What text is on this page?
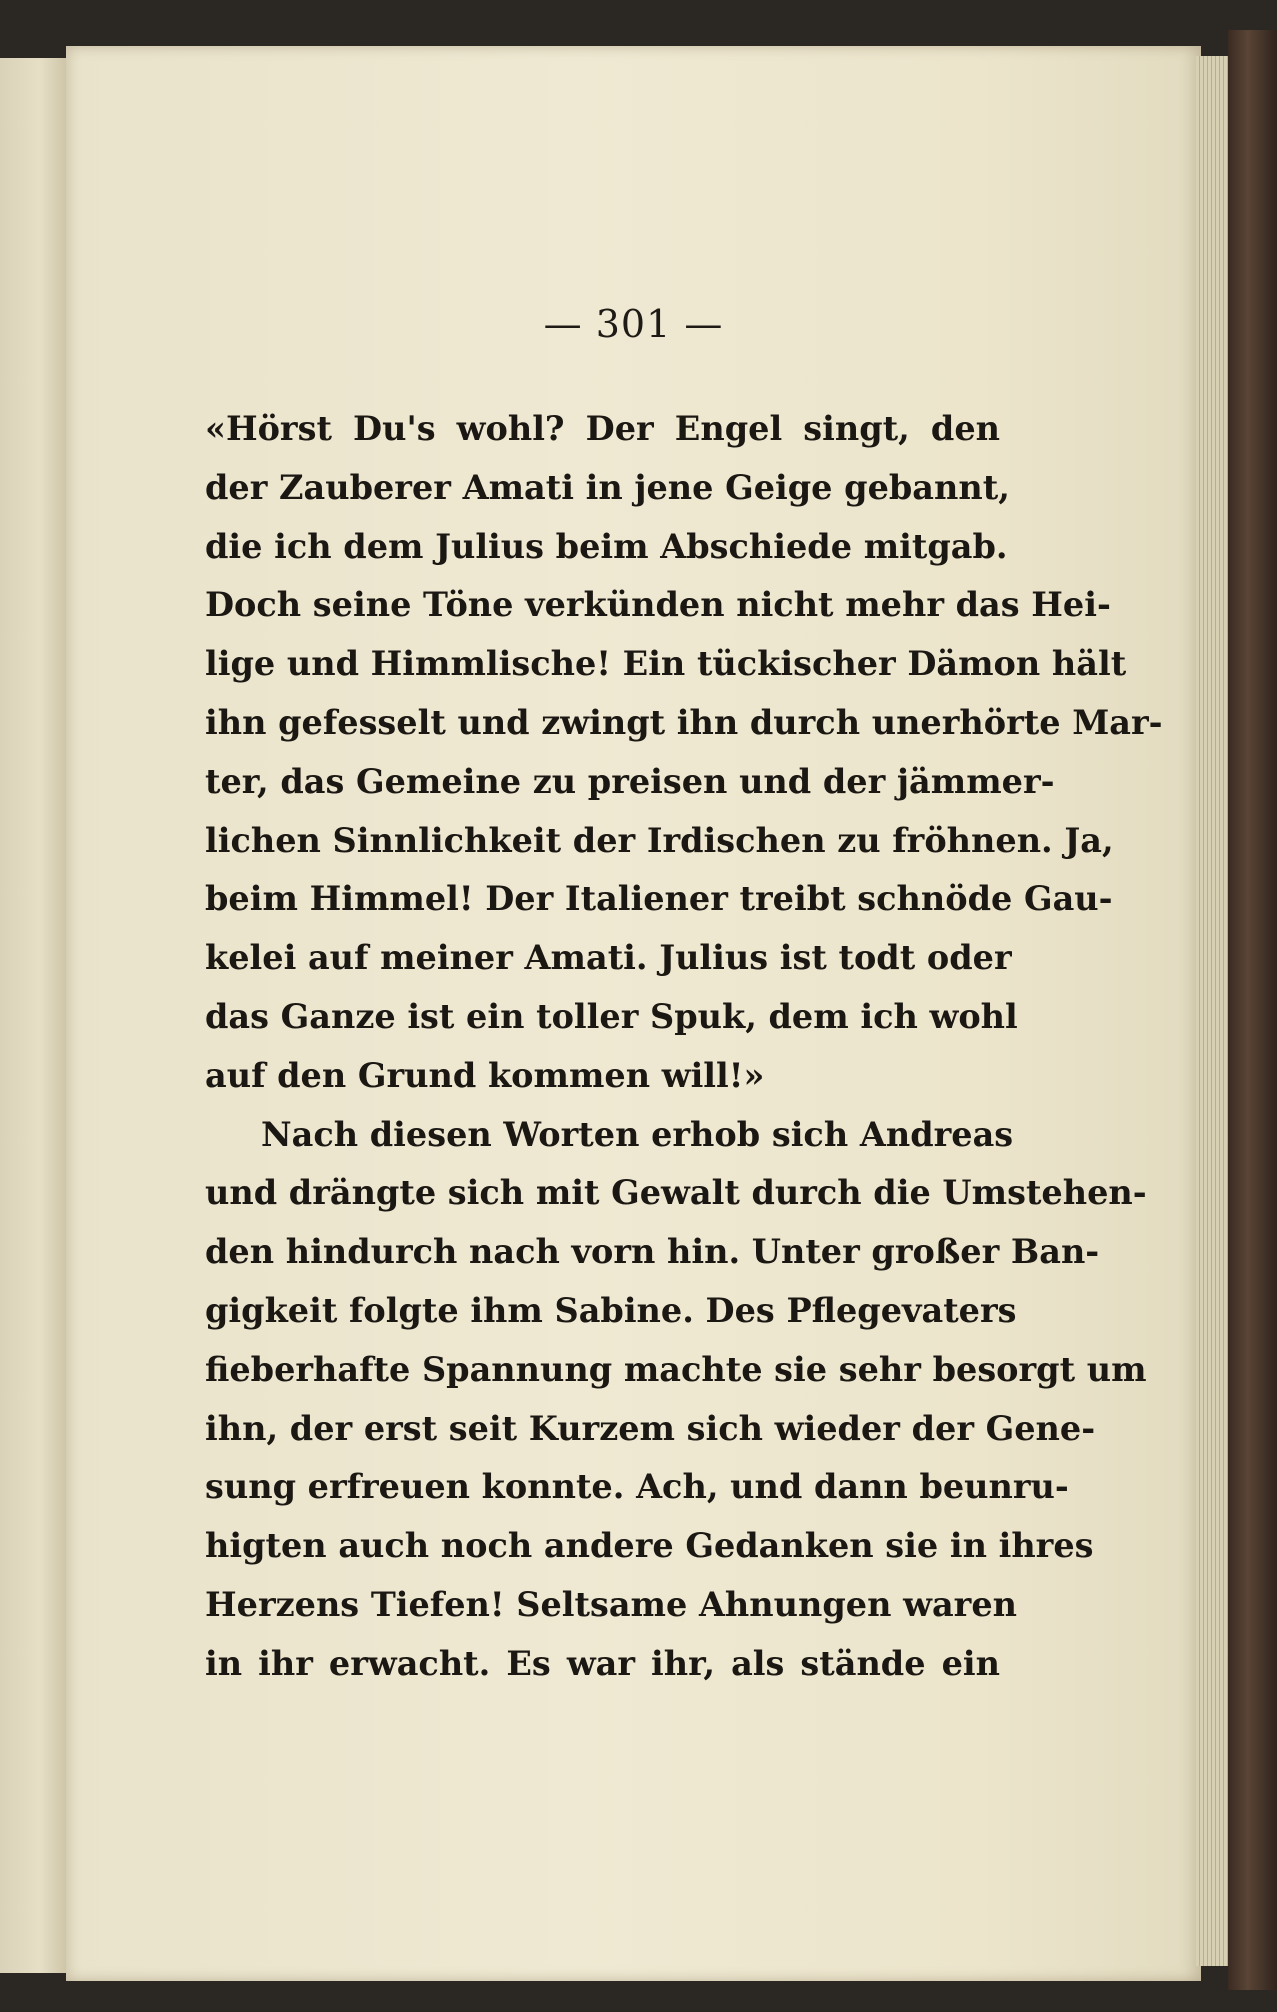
— 301 —
«Hörst Du's wohl? Der Engel singt, den
der Zauberer Amati in jene Geige gebannt,
die ich dem Julius beim Abschiede mitgab.
Doch seine Töne verkünden nicht mehr das Hei-
lige und Himmlische! Ein tückischer Dämon hält
ihn gefesselt und zwingt ihn durch unerhörte Mar-
ter, das Gemeine zu preisen und der jämmer-
lichen Sinnlichkeit der Irdischen zu fröhnen. Ja,
beim Himmel! Der Italiener treibt schnöde Gau-
kelei auf meiner Amati. Julius ist todt oder
das Ganze ist ein toller Spuk, dem ich wohl
auf den Grund kommen will!»
Nach diesen Worten erhob sich Andreas
und drängte sich mit Gewalt durch die Umstehen-
den hindurch nach vorn hin. Unter großer Ban-
gigkeit folgte ihm Sabine. Des Pflegevaters
fieberhafte Spannung machte sie sehr besorgt um
ihn, der erst seit Kurzem sich wieder der Gene-
sung erfreuen konnte. Ach, und dann beunru-
higten auch noch andere Gedanken sie in ihres
Herzens Tiefen! Seltsame Ahnungen waren
in ihr erwacht. Es war ihr, als stände ein
